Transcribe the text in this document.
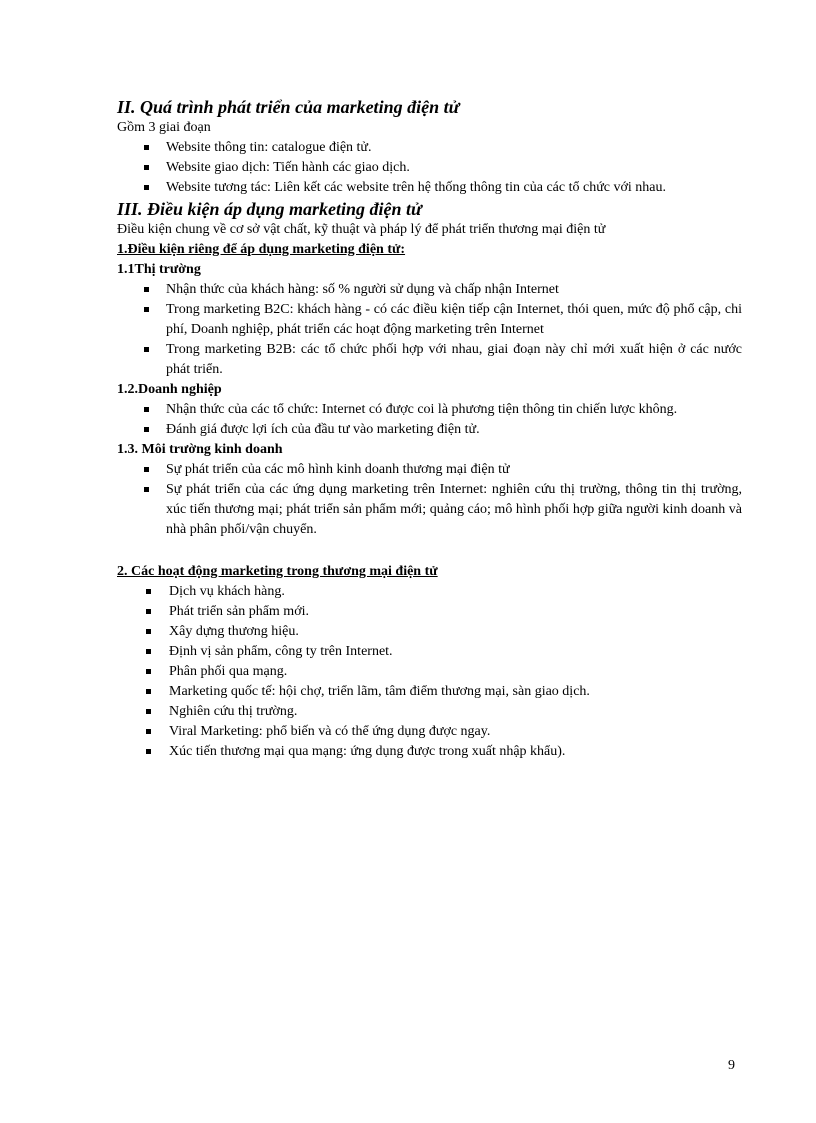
II. Quá trình phát triển của marketing điện tử

Gồm 3 giai đoạn

Website thông tin: catalogue điện tử.
Website giao dịch: Tiến hành các giao dịch.
Website tương tác: Liên kết các website trên hệ thống thông tin của các tổ chức với nhau.
III. Điều kiện áp dụng marketing điện tử

Điều kiện chung về cơ sở vật chất, kỹ thuật và pháp lý để phát triển thương mại điện tử

1.Điều kiện riêng để áp dụng marketing điện tử:

1.1Thị trường

Nhận thức của khách hàng: số % người sử dụng và chấp nhận Internet
Trong marketing B2C: khách hàng - có các điều kiện tiếp cận Internet, thói quen, mức độ phổ cập, chi phí, Doanh nghiệp, phát triển các hoạt động marketing trên Internet
Trong marketing B2B: các tổ chức phối hợp với nhau, giai đoạn này chỉ mới xuất hiện ở các nước phát triển.

1.2.Doanh nghiệp

Nhận thức của các tổ chức: Internet có được coi là phương tiện thông tin chiến lược không.
Đánh giá được lợi ích của đầu tư vào marketing điện tử.

1.3. Môi trường kinh doanh

Sự phát triển của các mô hình kinh doanh thương mại điện tử
Sự phát triển của các ứng dụng marketing trên Internet: nghiên cứu thị trường, thông tin thị trường, xúc tiến thương mại; phát triển sản phẩm mới; quảng cáo; mô hình phối hợp giữa người kinh doanh và nhà phân phối/vận chuyển.

2. Các hoạt động marketing trong thương mại điện tử

Dịch vụ khách hàng.
Phát triển sản phẩm mới.
Xây dựng thương hiệu.
Định vị sản phẩm, công ty trên Internet.
Phân phối qua mạng.
Marketing quốc tế: hội chợ, triển lãm, tâm điểm thương mại, sàn giao dịch.
Nghiên cứu thị trường.
Viral Marketing: phổ biến và có thể ứng dụng được ngay.
Xúc tiến thương mại qua mạng: ứng dụng được trong xuất nhập khẩu).
9
